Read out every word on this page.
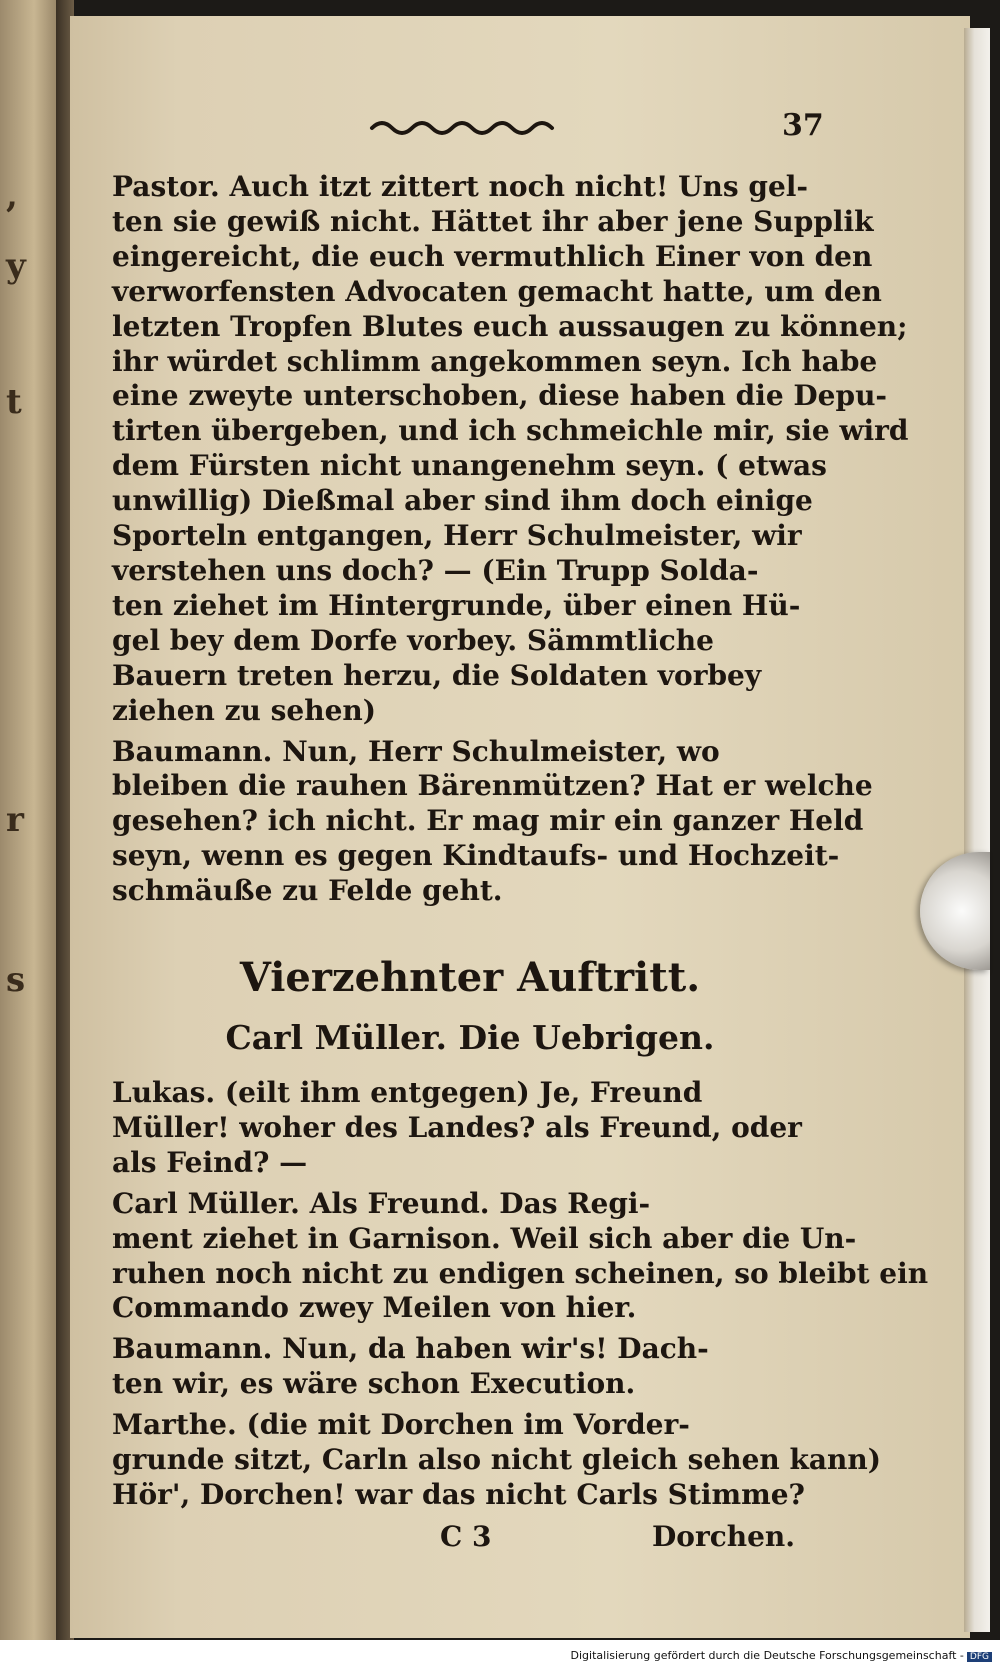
,
y
t
r
s
37

Pastor. Auch itzt zittert noch nicht! Uns gel-
ten sie gewiß nicht. Hättet ihr aber jene Supplik
eingereicht, die euch vermuthlich Einer von den
verworfensten Advocaten gemacht hatte, um den
letzten Tropfen Blutes euch aussaugen zu können;
ihr würdet schlimm angekommen seyn. Ich habe
eine zweyte unterschoben, diese haben die Depu-
tirten übergeben, und ich schmeichle mir, sie wird
dem Fürsten nicht unangenehm seyn. ( etwas
unwillig) Dießmal aber sind ihm doch einige
Sporteln entgangen, Herr Schulmeister, wir
verstehen uns doch? — (Ein Trupp Solda-
ten ziehet im Hintergrunde, über einen Hü-
gel bey dem Dorfe vorbey. Sämmtliche
Bauern treten herzu, die Soldaten vorbey
ziehen zu sehen)

Baumann. Nun, Herr Schulmeister, wo
bleiben die rauhen Bärenmützen? Hat er welche
gesehen? ich nicht. Er mag mir ein ganzer Held
seyn, wenn es gegen Kindtaufs- und Hochzeit-
schmäuße zu Felde geht.

Vierzehnter Auftritt.
Carl Müller. Die Uebrigen.

Lukas. (eilt ihm entgegen) Je, Freund
Müller! woher des Landes? als Freund, oder
als Feind? —

Carl Müller. Als Freund. Das Regi-
ment ziehet in Garnison. Weil sich aber die Un-
ruhen noch nicht zu endigen scheinen, so bleibt ein
Commando zwey Meilen von hier.

Baumann. Nun, da haben wir's! Dach-
ten wir, es wäre schon Execution.

Marthe. (die mit Dorchen im Vorder-
grunde sitzt, Carln also nicht gleich sehen kann)
Hör', Dorchen! war das nicht Carls Stimme?

C 3	Dorchen.
Digitalisierung gefördert durch die Deutsche Forschungsgemeinschaft - DFG
